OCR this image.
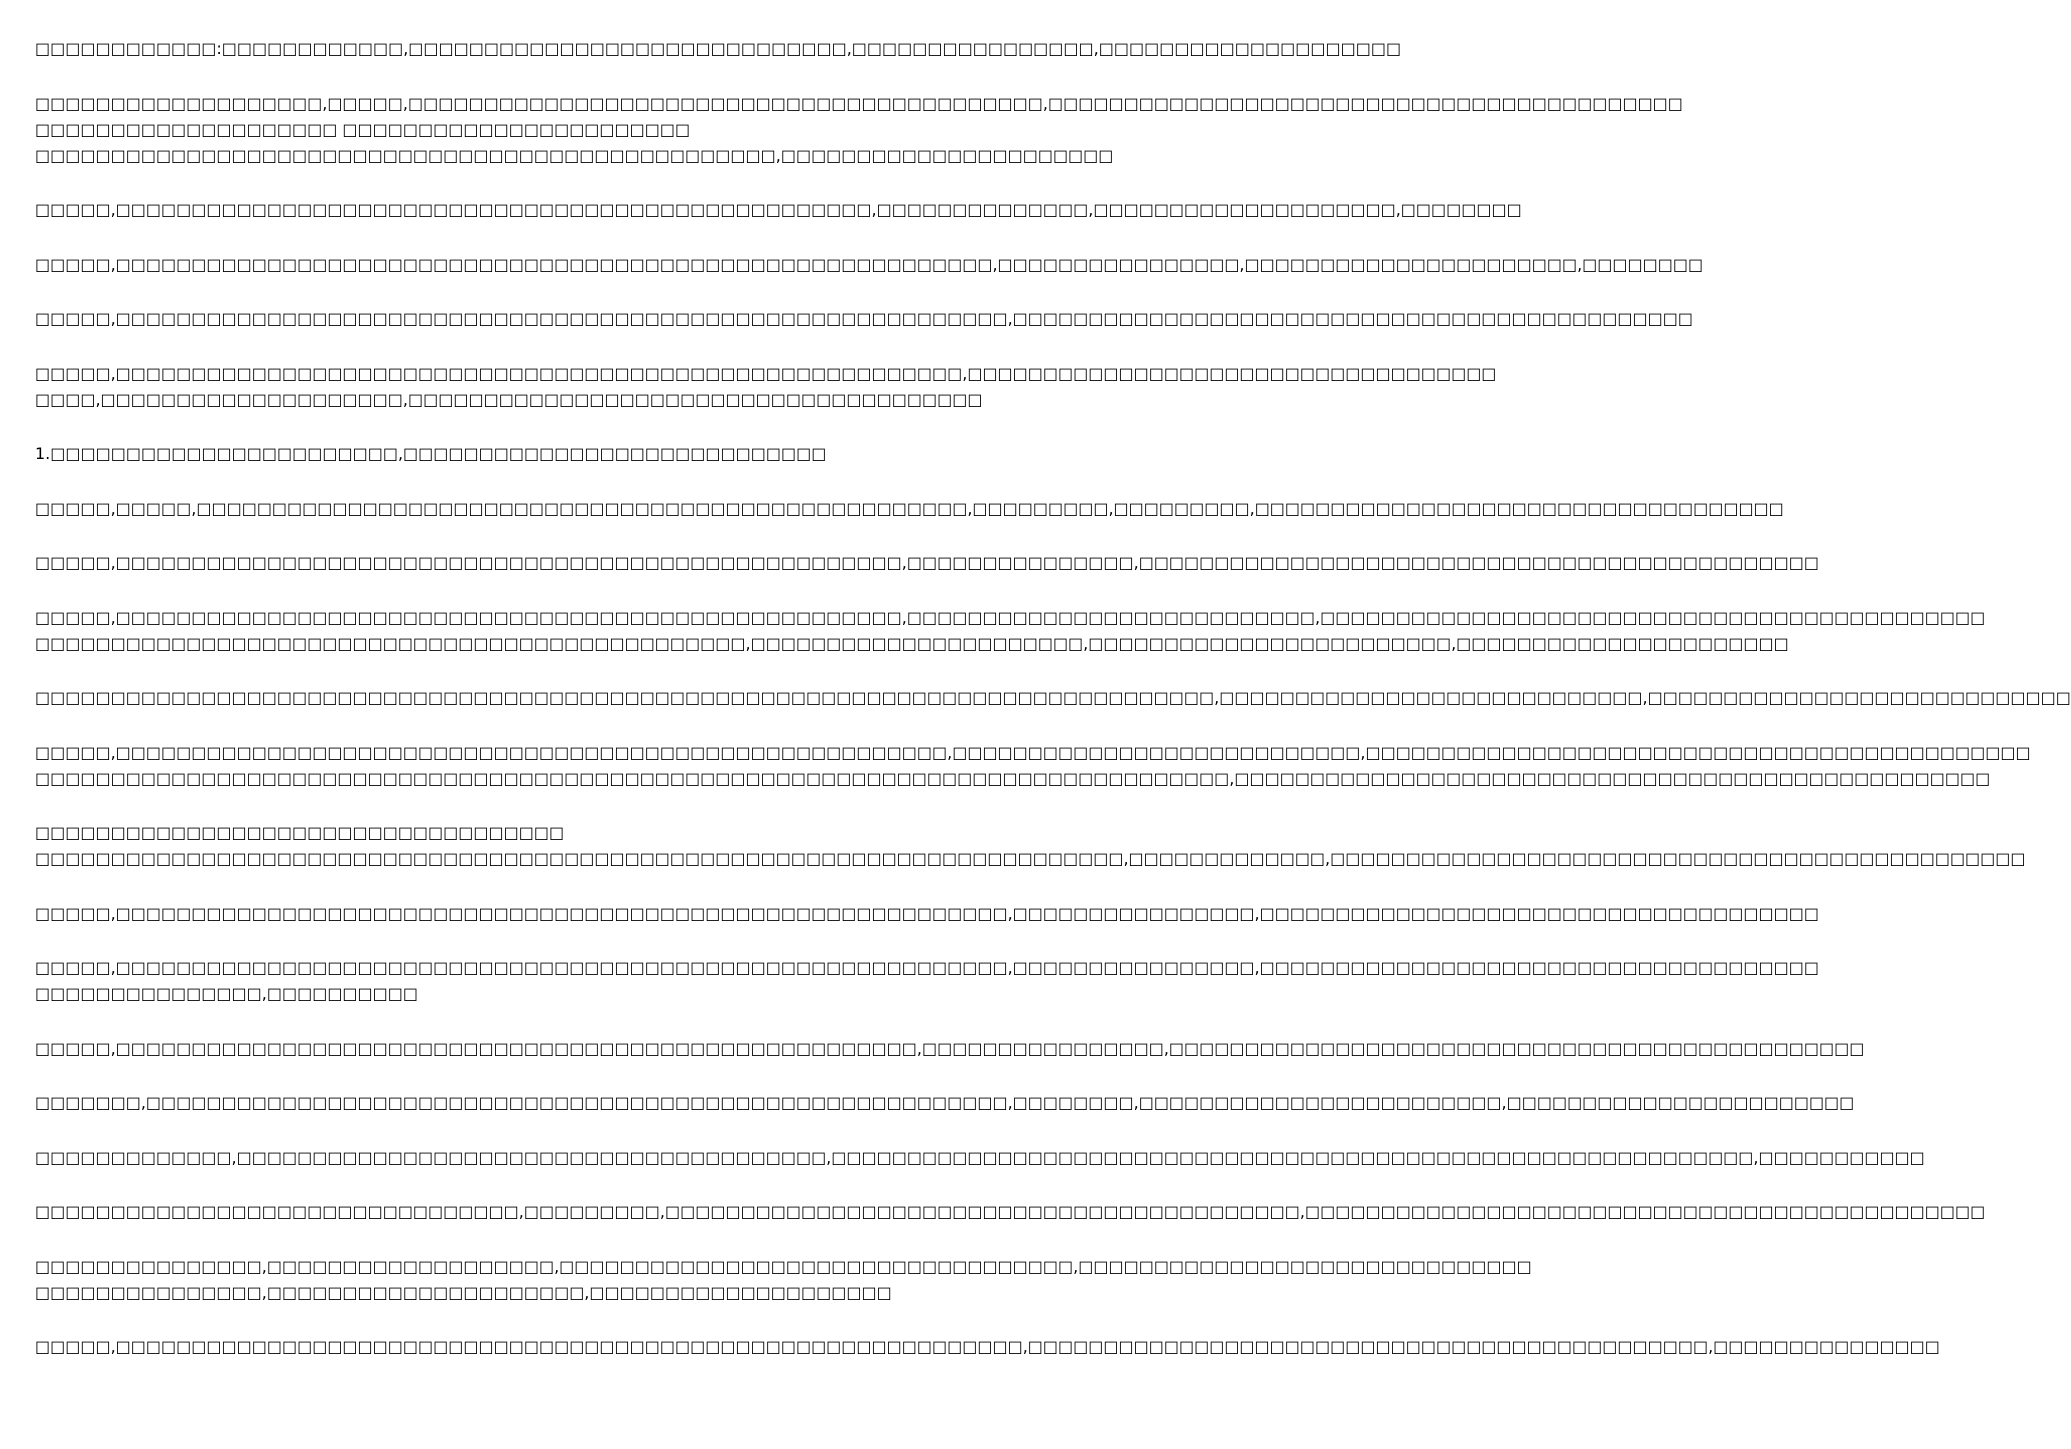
□□□□□□□□□□□□:□□□□□□□□□□□□,□□□□□□□□□□□□□□□□□□□□□□□□□□□□□,□□□□□□□□□□□□□□□□,□□□□□□□□□□□□□□□□□□□□
□□□□□□□□□□□□□□□□□□□,□□□□□,□□□□□□□□□□□□□□□□□□□□□□□□□□□□□□□□□□□□□□□□□□,□□□□□□□□□□□□□□□□□□□□□□□□□□□□□□□□□□□□□□□□□□
□□□□□□□□□□□□□□□□□□□□ □□□□□□□□□□□□□□□□□□□□□□□
□□□□□□□□□□□□□□□□□□□□□□□□□□□□□□□□□□□□□□□□□□□□□□□□□,□□□□□□□□□□□□□□□□□□□□□□
□□□□□,□□□□□□□□□□□□□□□□□□□□□□□□□□□□□□□□□□□□□□□□□□□□□□□□□□,□□□□□□□□□□□□□□,□□□□□□□□□□□□□□□□□□□□,□□□□□□□□
□□□□□,□□□□□□□□□□□□□□□□□□□□□□□□□□□□□□□□□□□□□□□□□□□□□□□□□□□□□□□□□□,□□□□□□□□□□□□□□□□,□□□□□□□□□□□□□□□□□□□□□□,□□□□□□□□
□□□□□,□□□□□□□□□□□□□□□□□□□□□□□□□□□□□□□□□□□□□□□□□□□□□□□□□□□□□□□□□□□,□□□□□□□□□□□□□□□□□□□□□□□□□□□□□□□□□□□□□□□□□□□□□
□□□□□,□□□□□□□□□□□□□□□□□□□□□□□□□□□□□□□□□□□□□□□□□□□□□□□□□□□□□□□□,□□□□□□□□□□□□□□□□□□□□□□□□□□□□□□□□□□□
□□□□,□□□□□□□□□□□□□□□□□□□□,□□□□□□□□□□□□□□□□□□□□□□□□□□□□□□□□□□□□□□
1.□□□□□□□□□□□□□□□□□□□□□□□,□□□□□□□□□□□□□□□□□□□□□□□□□□□□
□□□□□,□□□□□,□□□□□□□□□□□□□□□□□□□□□□□□□□□□□□□□□□□□□□□□□□□□□□□□□□□,□□□□□□□□□,□□□□□□□□□,□□□□□□□□□□□□□□□□□□□□□□□□□□□□□□□□□□□
□□□□□,□□□□□□□□□□□□□□□□□□□□□□□□□□□□□□□□□□□□□□□□□□□□□□□□□□□□,□□□□□□□□□□□□□□□,□□□□□□□□□□□□□□□□□□□□□□□□□□□□□□□□□□□□□□□□□□□□□
□□□□□,□□□□□□□□□□□□□□□□□□□□□□□□□□□□□□□□□□□□□□□□□□□□□□□□□□□□,□□□□□□□□□□□□□□□□□□□□□□□□□□□,□□□□□□□□□□□□□□□□□□□□□□□□□□□□□□□□□□□□□□□□□□□□
□□□□□□□□□□□□□□□□□□□□□□□□□□□□□□□□□□□□□□□□□□□□□□□,□□□□□□□□□□□□□□□□□□□□□□,□□□□□□□□□□□□□□□□□□□□□□□□,□□□□□□□□□□□□□□□□□□□□□□
□□□□□□□□□□□□□□□□□□□□□□□□□□□□□□□□□□□□□□□□□□□□□□□□□□□□□□□□□□□□□□□□□□□□□□□□□□□□□□,□□□□□□□□□□□□□□□□□□□□□□□□□□□□,□□□□□□□□□□□□□□□□□□□□□□□□□□□□
□□□□□,□□□□□□□□□□□□□□□□□□□□□□□□□□□□□□□□□□□□□□□□□□□□□□□□□□□□□□□,□□□□□□□□□□□□□□□□□□□□□□□□□□□,□□□□□□□□□□□□□□□□□□□□□□□□□□□□□□□□□□□□□□□□□□□□
□□□□□□□□□□□□□□□□□□□□□□□□□□□□□□□□□□□□□□□□□□□□□□□□□□□□□□□□□□□□□□□□□□□□□□□□□□□□□□□,□□□□□□□□□□□□□□□□□□□□□□□□□□□□□□□□□□□□□□□□□□□□□□□□□□
□□□□□□□□□□□□□□□□□□□□□□□□□□□□□□□□□□□
□□□□□□□□□□□□□□□□□□□□□□□□□□□□□□□□□□□□□□□□□□□□□□□□□□□□□□□□□□□□□□□□□□□□□□□□,□□□□□□□□□□□□□,□□□□□□□□□□□□□□□□□□□□□□□□□□□□□□□□□□□□□□□□□□□□□□
□□□□□,□□□□□□□□□□□□□□□□□□□□□□□□□□□□□□□□□□□□□□□□□□□□□□□□□□□□□□□□□□□,□□□□□□□□□□□□□□□□,□□□□□□□□□□□□□□□□□□□□□□□□□□□□□□□□□□□□□
□□□□□,□□□□□□□□□□□□□□□□□□□□□□□□□□□□□□□□□□□□□□□□□□□□□□□□□□□□□□□□□□□,□□□□□□□□□□□□□□□□,□□□□□□□□□□□□□□□□□□□□□□□□□□□□□□□□□□□□□
□□□□□□□□□□□□□□□,□□□□□□□□□□
□□□□□,□□□□□□□□□□□□□□□□□□□□□□□□□□□□□□□□□□□□□□□□□□□□□□□□□□□□□,□□□□□□□□□□□□□□□□,□□□□□□□□□□□□□□□□□□□□□□□□□□□□□□□□□□□□□□□□□□□□□□
□□□□□□□,□□□□□□□□□□□□□□□□□□□□□□□□□□□□□□□□□□□□□□□□□□□□□□□□□□□□□□□□□,□□□□□□□□,□□□□□□□□□□□□□□□□□□□□□□□□,□□□□□□□□□□□□□□□□□□□□□□□
□□□□□□□□□□□□□,□□□□□□□□□□□□□□□□□□□□□□□□□□□□□□□□□□□□□□□,□□□□□□□□□□□□□□□□□□□□□□□□□□□□□□□□□□□□□□□□□□□□□□□□□□□□□□□□□□□□□,□□□□□□□□□□□
□□□□□□□□□□□□□□□□□□□□□□□□□□□□□□□□,□□□□□□□□□,□□□□□□□□□□□□□□□□□□□□□□□□□□□□□□□□□□□□□□□□□□,□□□□□□□□□□□□□□□□□□□□□□□□□□□□□□□□□□□□□□□□□□□□□
□□□□□□□□□□□□□□□,□□□□□□□□□□□□□□□□□□□,□□□□□□□□□□□□□□□□□□□□□□□□□□□□□□□□□□,□□□□□□□□□□□□□□□□□□□□□□□□□□□□□□
□□□□□□□□□□□□□□□,□□□□□□□□□□□□□□□□□□□□□,□□□□□□□□□□□□□□□□□□□□
□□□□□,□□□□□□□□□□□□□□□□□□□□□□□□□□□□□□□□□□□□□□□□□□□□□□□□□□□□□□□□□□□□,□□□□□□□□□□□□□□□□□□□□□□□□□□□□□□□□□□□□□□□□□□□□□,□□□□□□□□□□□□□□□
